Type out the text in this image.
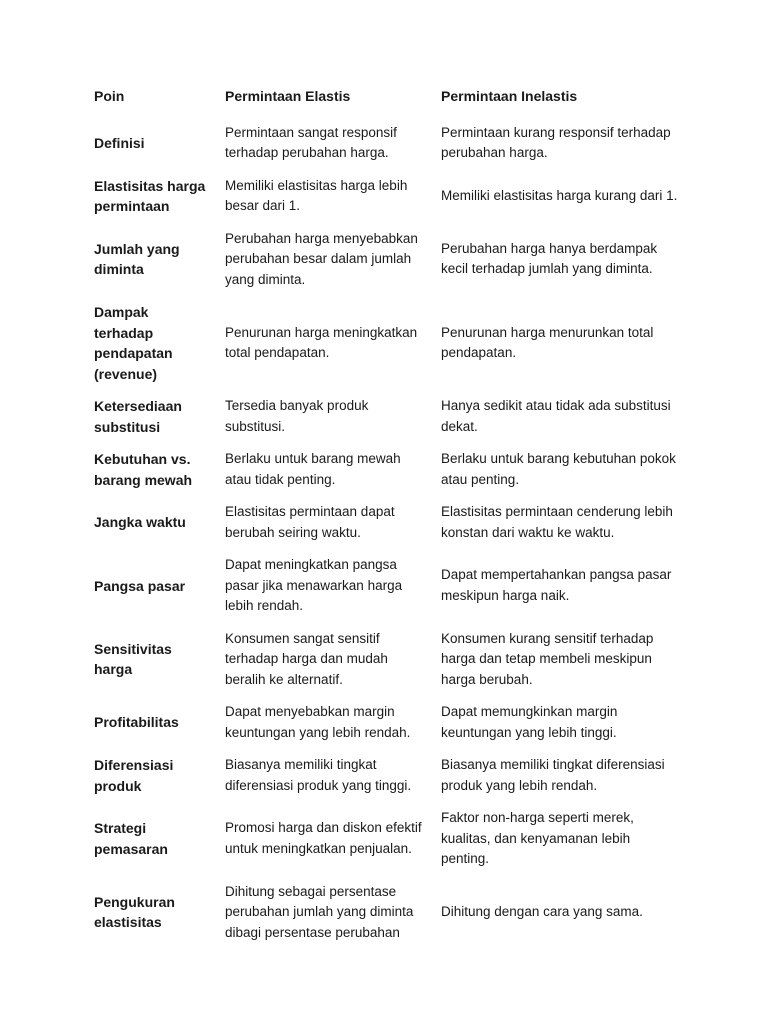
Poin	Permintaan Elastis	Permintaan Inelastis
Definisi	Permintaan sangat responsif terhadap perubahan harga.	Permintaan kurang responsif terhadap perubahan harga.
Elastisitas harga permintaan	Memiliki elastisitas harga lebih besar dari 1.	Memiliki elastisitas harga kurang dari 1.
Jumlah yang diminta	Perubahan harga menyebabkan perubahan besar dalam jumlah yang diminta.	Perubahan harga hanya berdampak kecil terhadap jumlah yang diminta.
Dampak terhadap pendapatan (revenue)	Penurunan harga meningkatkan total pendapatan.	Penurunan harga menurunkan total pendapatan.
Ketersediaan substitusi	Tersedia banyak produk substitusi.	Hanya sedikit atau tidak ada substitusi dekat.
Kebutuhan vs. barang mewah	Berlaku untuk barang mewah atau tidak penting.	Berlaku untuk barang kebutuhan pokok atau penting.
Jangka waktu	Elastisitas permintaan dapat berubah seiring waktu.	Elastisitas permintaan cenderung lebih konstan dari waktu ke waktu.
Pangsa pasar	Dapat meningkatkan pangsa pasar jika menawarkan harga lebih rendah.	Dapat mempertahankan pangsa pasar meskipun harga naik.
Sensitivitas harga	Konsumen sangat sensitif terhadap harga dan mudah beralih ke alternatif.	Konsumen kurang sensitif terhadap harga dan tetap membeli meskipun harga berubah.
Profitabilitas	Dapat menyebabkan margin keuntungan yang lebih rendah.	Dapat memungkinkan margin keuntungan yang lebih tinggi.
Diferensiasi produk	Biasanya memiliki tingkat diferensiasi produk yang tinggi.	Biasanya memiliki tingkat diferensiasi produk yang lebih rendah.
Strategi pemasaran	Promosi harga dan diskon efektif untuk meningkatkan penjualan.	Faktor non-harga seperti merek, kualitas, dan kenyamanan lebih penting.
Pengukuran elastisitas	Dihitung sebagai persentase perubahan jumlah yang diminta dibagi persentase perubahan	Dihitung dengan cara yang sama.
